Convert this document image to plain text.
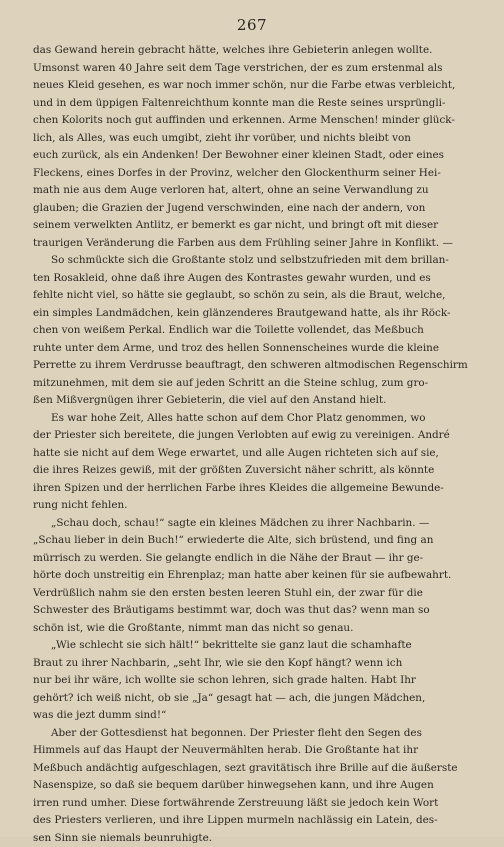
267
das Gewand herein gebracht hätte, welches ihre Gebieterin anlegen wollte.
Umsonst waren 40 Jahre seit dem Tage verstrichen, der es zum erstenmal als
neues Kleid gesehen, es war noch immer schön, nur die Farbe etwas verbleicht,
und in dem üppigen Faltenreichthum konnte man die Reste seines ursprüngli-
chen Kolorits noch gut auffinden und erkennen. Arme Menschen! minder glück-
lich, als Alles, was euch umgibt, zieht ihr vorüber, und nichts bleibt von
euch zurück, als ein Andenken! Der Bewohner einer kleinen Stadt, oder eines
Fleckens, eines Dorfes in der Provinz, welcher den Glockenthurm seiner Hei-
math nie aus dem Auge verloren hat, altert, ohne an seine Verwandlung zu
glauben; die Grazien der Jugend verschwinden, eine nach der andern, von
seinem verwelkten Antlitz, er bemerkt es gar nicht, und bringt oft mit dieser
traurigen Veränderung die Farben aus dem Frühling seiner Jahre in Konflikt. —
So schmückte sich die Großtante stolz und selbstzufrieden mit dem brillan-
ten Rosakleid, ohne daß ihre Augen des Kontrastes gewahr wurden, und es
fehlte nicht viel, so hätte sie geglaubt, so schön zu sein, als die Braut, welche,
ein simples Landmädchen, kein glänzenderes Brautgewand hatte, als ihr Röck-
chen von weißem Perkal. Endlich war die Toilette vollendet, das Meßbuch
ruhte unter dem Arme, und troz des hellen Sonnenscheines wurde die kleine
Perrette zu ihrem Verdrusse beauftragt, den schweren altmodischen Regenschirm
mitzunehmen, mit dem sie auf jeden Schritt an die Steine schlug, zum gro-
ßen Mißvergnügen ihrer Gebieterin, die viel auf den Anstand hielt.
Es war hohe Zeit, Alles hatte schon auf dem Chor Platz genommen, wo
der Priester sich bereitete, die jungen Verlobten auf ewig zu vereinigen. André
hatte sie nicht auf dem Wege erwartet, und alle Augen richteten sich auf sie,
die ihres Reizes gewiß, mit der größten Zuversicht näher schritt, als könnte
ihren Spizen und der herrlichen Farbe ihres Kleides die allgemeine Bewunde-
rung nicht fehlen.
„Schau doch, schau!“ sagte ein kleines Mädchen zu ihrer Nachbarin. —
„Schau lieber in dein Buch!“ erwiederte die Alte, sich brüstend, und fing an
mürrisch zu werden. Sie gelangte endlich in die Nähe der Braut — ihr ge-
hörte doch unstreitig ein Ehrenplaz; man hatte aber keinen für sie aufbewahrt.
Verdrüßlich nahm sie den ersten besten leeren Stuhl ein, der zwar für die
Schwester des Bräutigams bestimmt war, doch was thut das? wenn man so
schön ist, wie die Großtante, nimmt man das nicht so genau.
„Wie schlecht sie sich hält!“ bekrittelte sie ganz laut die schamhafte
Braut zu ihrer Nachbarin, „seht Ihr, wie sie den Kopf hängt? wenn ich
nur bei ihr wäre, ich wollte sie schon lehren, sich grade halten. Habt Ihr
gehört? ich weiß nicht, ob sie „Ja“ gesagt hat — ach, die jungen Mädchen,
was die jezt dumm sind!“
Aber der Gottesdienst hat begonnen. Der Priester fleht den Segen des
Himmels auf das Haupt der Neuvermählten herab. Die Großtante hat ihr
Meßbuch andächtig aufgeschlagen, sezt gravitätisch ihre Brille auf die äußerste
Nasenspize, so daß sie bequem darüber hinwegsehen kann, und ihre Augen
irren rund umher. Diese fortwährende Zerstreuung läßt sie jedoch kein Wort
des Priesters verlieren, und ihre Lippen murmeln nachlässig ein Latein, des-
sen Sinn sie niemals beunruhigte.
